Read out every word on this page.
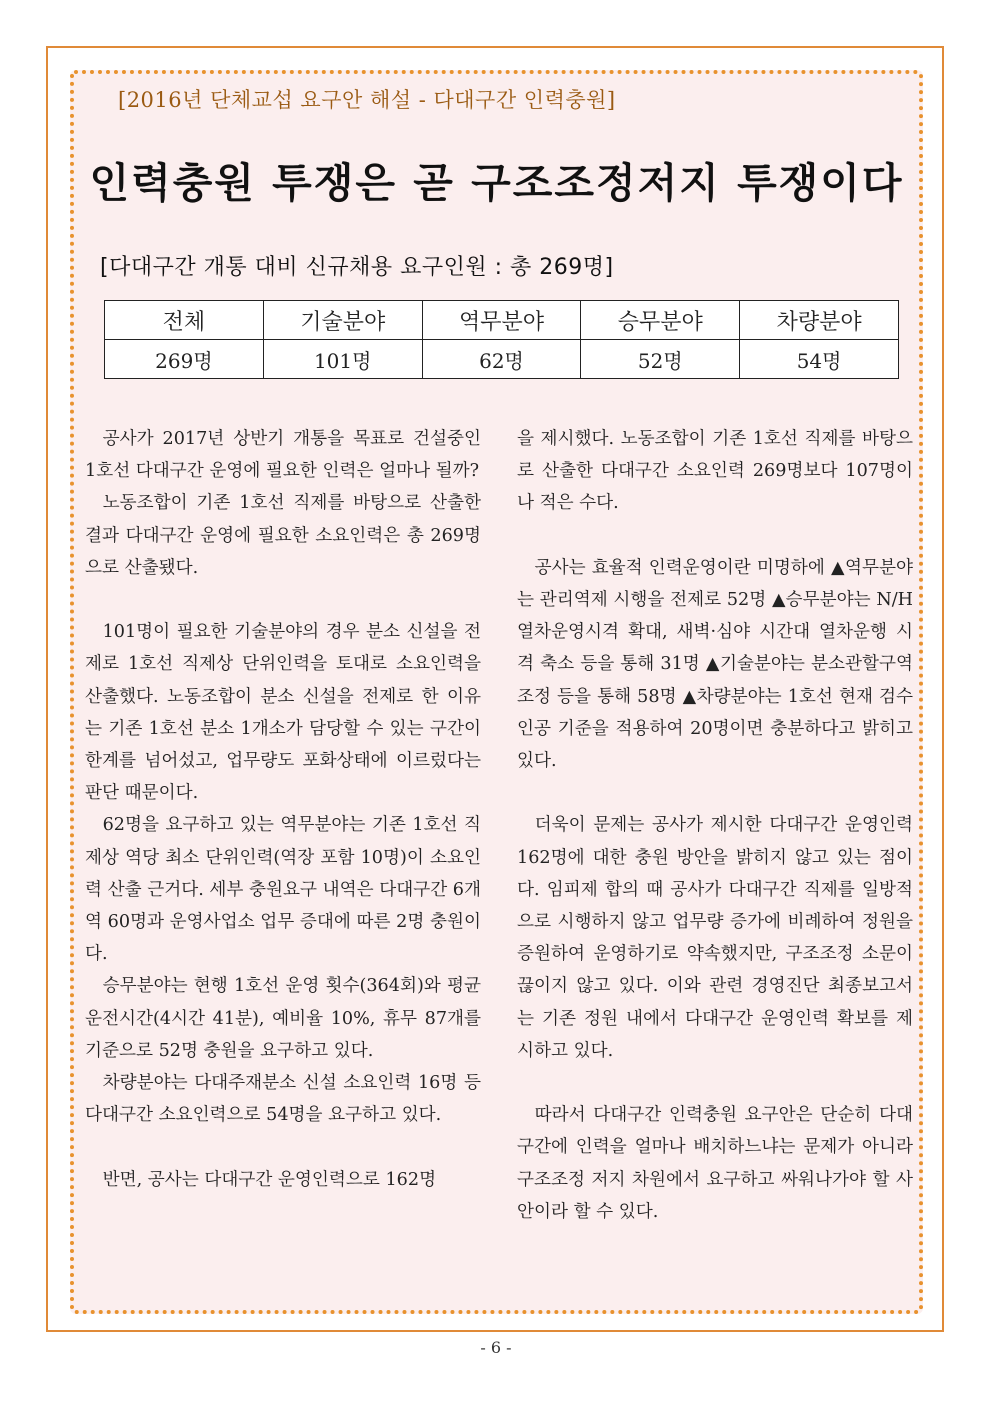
[2016년 단체교섭 요구안 해설 - 다대구간 인력충원]
인력충원 투쟁은 곧 구조조정저지 투쟁이다
[다대구간 개통 대비 신규채용 요구인원 : 총 269명]
전체	기술분야	역무분야	승무분야	차량분야
269명	101명	62명	52명	54명

공사가 2017년 상반기 개통을 목표로 건설중인 1호선 다대구간 운영에 필요한 인력은 얼마나 될까?

노동조합이 기존 1호선 직제를 바탕으로 산출한 결과 다대구간 운영에 필요한 소요인력은 총 269명으로 산출됐다.

101명이 필요한 기술분야의 경우 분소 신설을 전제로 1호선 직제상 단위인력을 토대로 소요인력을 산출했다. 노동조합이 분소 신설을 전제로 한 이유는 기존 1호선 분소 1개소가 담당할 수 있는 구간이 한계를 넘어섰고, 업무량도 포화상태에 이르렀다는 판단 때문이다.

62명을 요구하고 있는 역무분야는 기존 1호선 직제상 역당 최소 단위인력(역장 포함 10명)이 소요인력 산출 근거다. 세부 충원요구 내역은 다대구간 6개 역 60명과 운영사업소 업무 증대에 따른 2명 충원이다.

승무분야는 현행 1호선 운영 횟수(364회)와 평균 운전시간(4시간 41분), 예비율 10%, 휴무 87개를 기준으로 52명 충원을 요구하고 있다.

차량분야는 다대주재분소 신설 소요인력 16명 등 다대구간 소요인력으로 54명을 요구하고 있다.

반면, 공사는 다대구간 운영인력으로 162명

을 제시했다. 노동조합이 기존 1호선 직제를 바탕으로 산출한 다대구간 소요인력 269명보다 107명이나 적은 수다.

공사는 효율적 인력운영이란 미명하에 ▲역무분야는 관리역제 시행을 전제로 52명 ▲승무분야는 N/H 열차운영시격 확대, 새벽·심야 시간대 열차운행 시격 축소 등을 통해 31명 ▲기술분야는 분소관할구역 조정 등을 통해 58명 ▲차량분야는 1호선 현재 검수인공 기준을 적용하여 20명이면 충분하다고 밝히고 있다.

더욱이 문제는 공사가 제시한 다대구간 운영인력 162명에 대한 충원 방안을 밝히지 않고 있는 점이다. 임피제 합의 때 공사가 다대구간 직제를 일방적으로 시행하지 않고 업무량 증가에 비례하여 정원을 증원하여 운영하기로 약속했지만, 구조조정 소문이 끊이지 않고 있다. 이와 관련 경영진단 최종보고서는 기존 정원 내에서 다대구간 운영인력 확보를 제시하고 있다.

따라서 다대구간 인력충원 요구안은 단순히 다대구간에 인력을 얼마나 배치하느냐는 문제가 아니라 구조조정 저지 차원에서 요구하고 싸워나가야 할 사안이라 할 수 있다.

- 6 -
